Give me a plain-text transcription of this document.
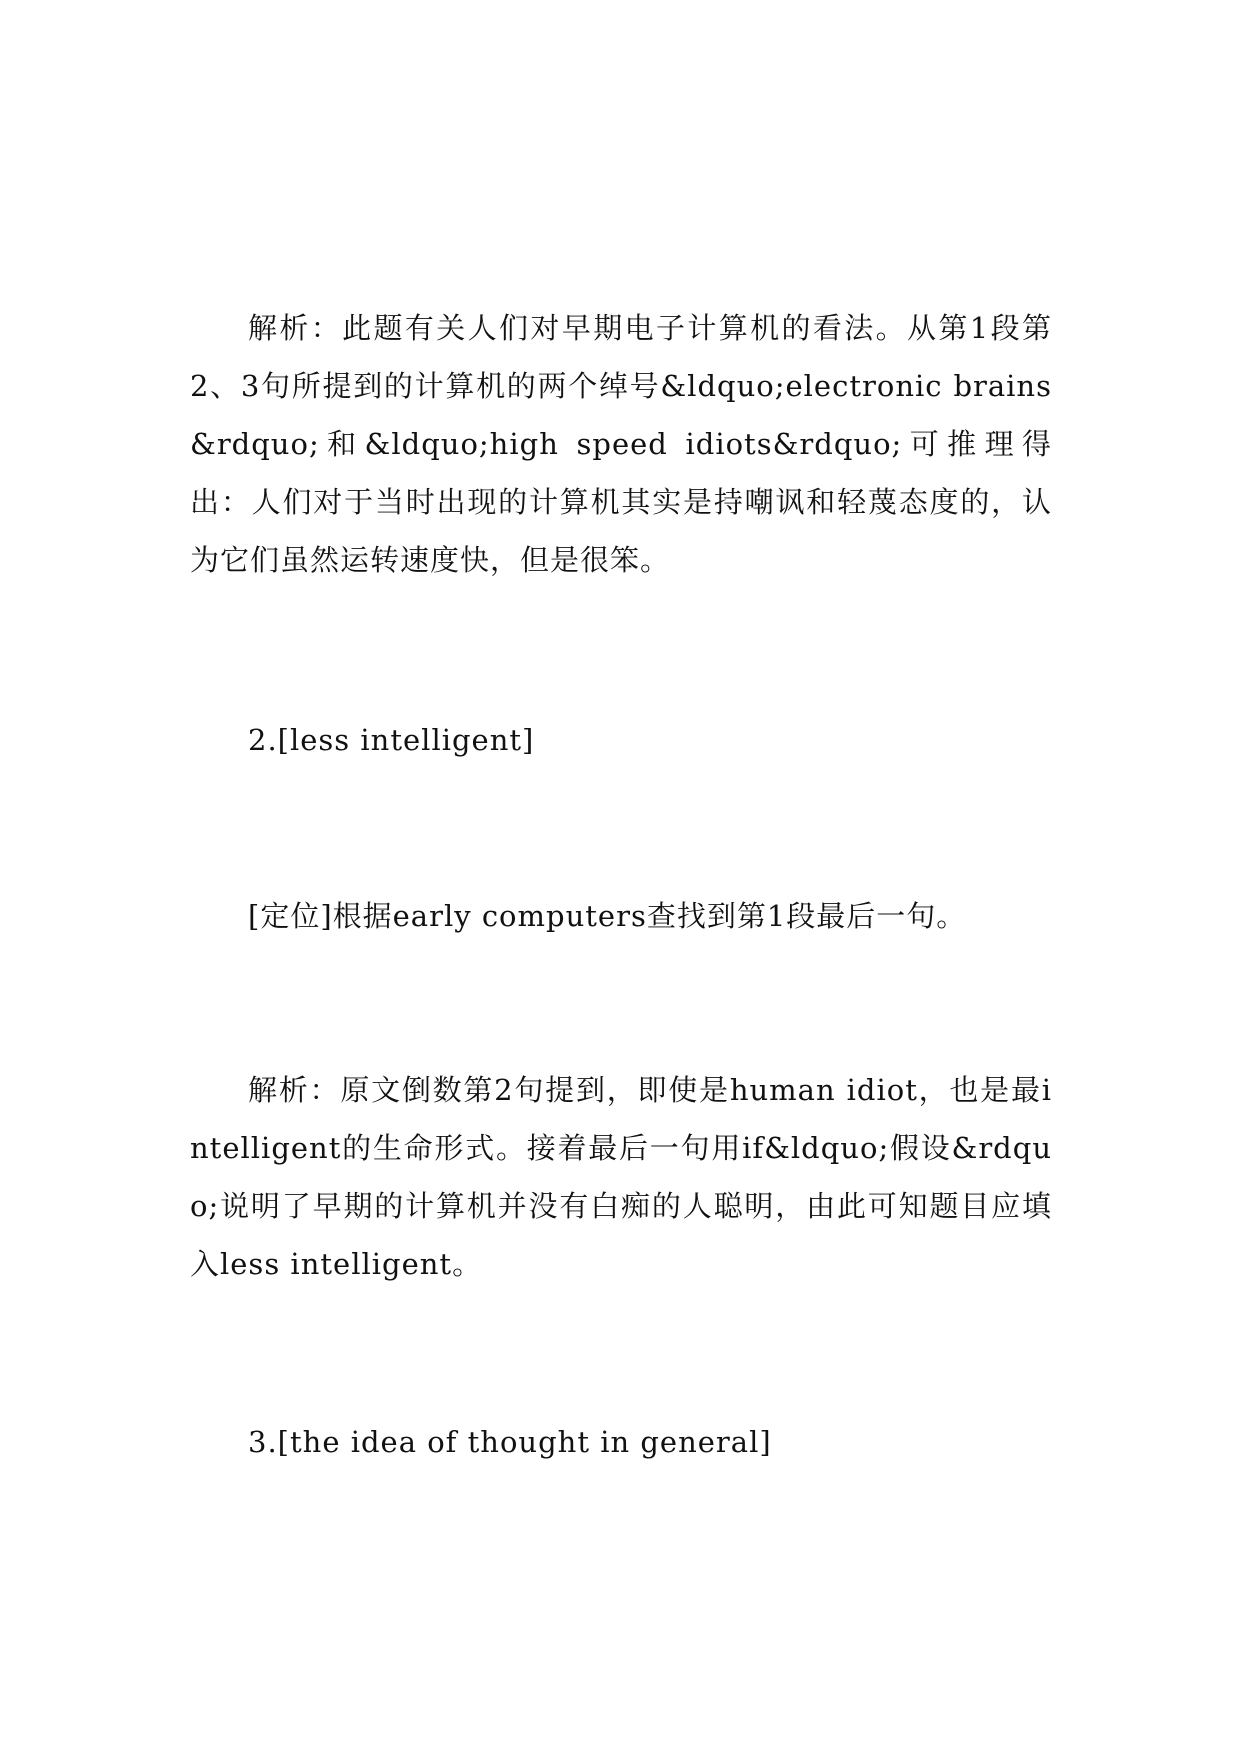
解析：此题有关人们对早期电子计算机的看法。从第1段第2、3句所提到的计算机的两个绰号&ldquo;electronic brains&rdquo;和&ldquo;high speed idiots&rdquo;可推理得出：人们对于当时出现的计算机其实是持嘲讽和轻蔑态度的，认为它们虽然运转速度快，但是很笨。

2.[less intelligent]

[定位]根据early computers查找到第1段最后一句。

解析：原文倒数第2句提到，即使是human idiot，也是最intelligent的生命形式。接着最后一句用if&ldquo;假设&rdquo;说明了早期的计算机并没有白痴的人聪明，由此可知题目应填入less intelligent。

3.[the idea of thought in general]
